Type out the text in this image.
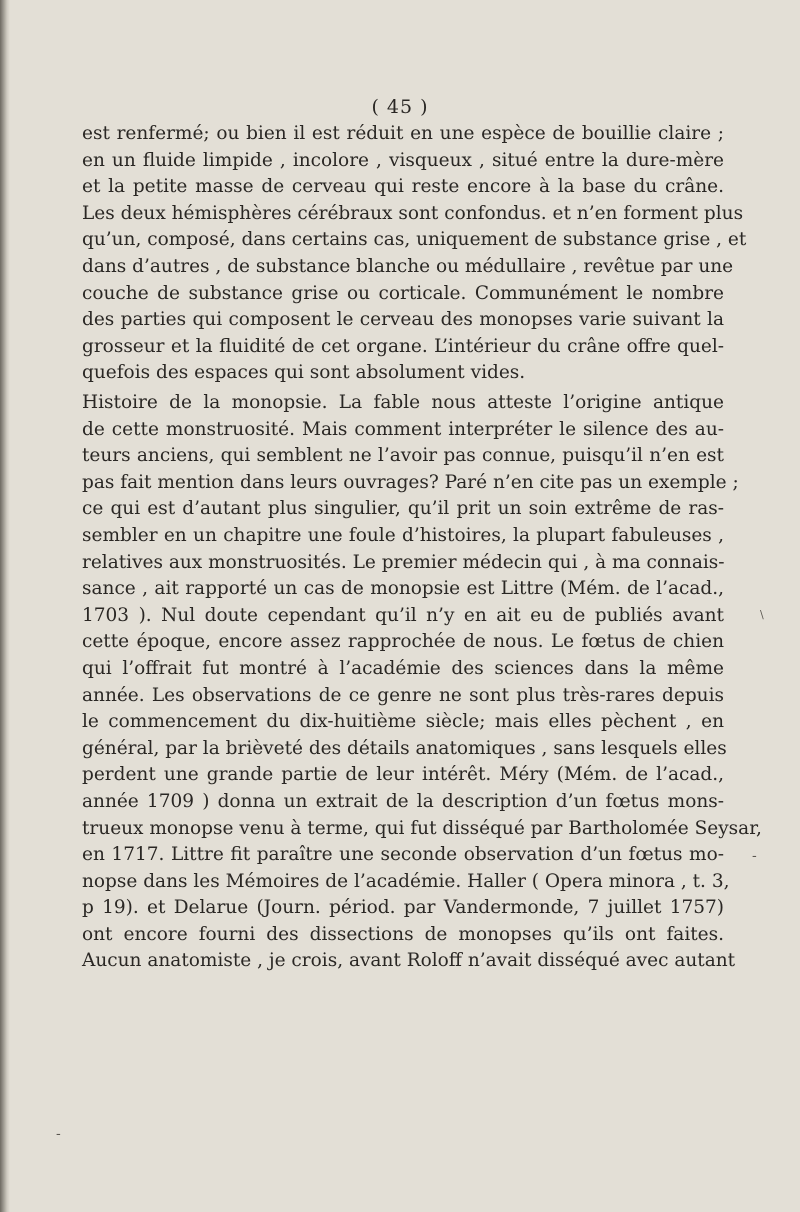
( 45 )
est renfermé; ou bien il est réduit en une espèce de bouillie claire ;
en un fluide limpide , incolore , visqueux , situé entre la dure-mère
et la petite masse de cerveau qui reste encore à la base du crâne.
Les deux hémisphères cérébraux sont confondus. et n’en forment plus
qu’un, composé, dans certains cas, uniquement de substance grise , et
dans d’autres , de substance blanche ou médullaire , revêtue par une
couche de substance grise ou corticale. Communément le nombre
des parties qui composent le cerveau des monopses varie suivant la
grosseur et la fluidité de cet organe. L’intérieur du crâne offre quel-
quefois des espaces qui sont absolument vides.
Histoire de la monopsie. La fable nous atteste l’origine antique
de cette monstruosité. Mais comment interpréter le silence des au-
teurs anciens, qui semblent ne l’avoir pas connue, puisqu’il n’en est
pas fait mention dans leurs ouvrages? Paré n’en cite pas un exemple ;
ce qui est d’autant plus singulier, qu’il prit un soin extrême de ras-
sembler en un chapitre une foule d’histoires, la plupart fabuleuses ,
relatives aux monstruosités. Le premier médecin qui , à ma connais-
sance , ait rapporté un cas de monopsie est Littre (Mém. de l’acad.,
1703 ). Nul doute cependant qu’il n’y en ait eu de publiés avant
cette époque, encore assez rapprochée de nous. Le fœtus de chien
qui l’offrait fut montré à l’académie des sciences dans la même
année. Les observations de ce genre ne sont plus très-rares depuis
le commencement du dix-huitième siècle; mais elles pèchent , en
général, par la brièveté des détails anatomiques , sans lesquels elles
perdent une grande partie de leur intérêt. Méry (Mém. de l’acad.,
année 1709 ) donna un extrait de la description d’un fœtus mons-
trueux monopse venu à terme, qui fut disséqué par Bartholomée Seysar,
en 1717. Littre fit paraître une seconde observation d’un fœtus mo-
nopse dans les Mémoires de l’académie. Haller ( Opera minora , t. 3,
p 19). et Delarue (Journ. périod. par Vandermonde, 7 juillet 1757)
ont encore fourni des dissections de monopses qu’ils ont faites.
Aucun anatomiste , je crois, avant Roloff n’avait disséqué avec autant
-
-
\
